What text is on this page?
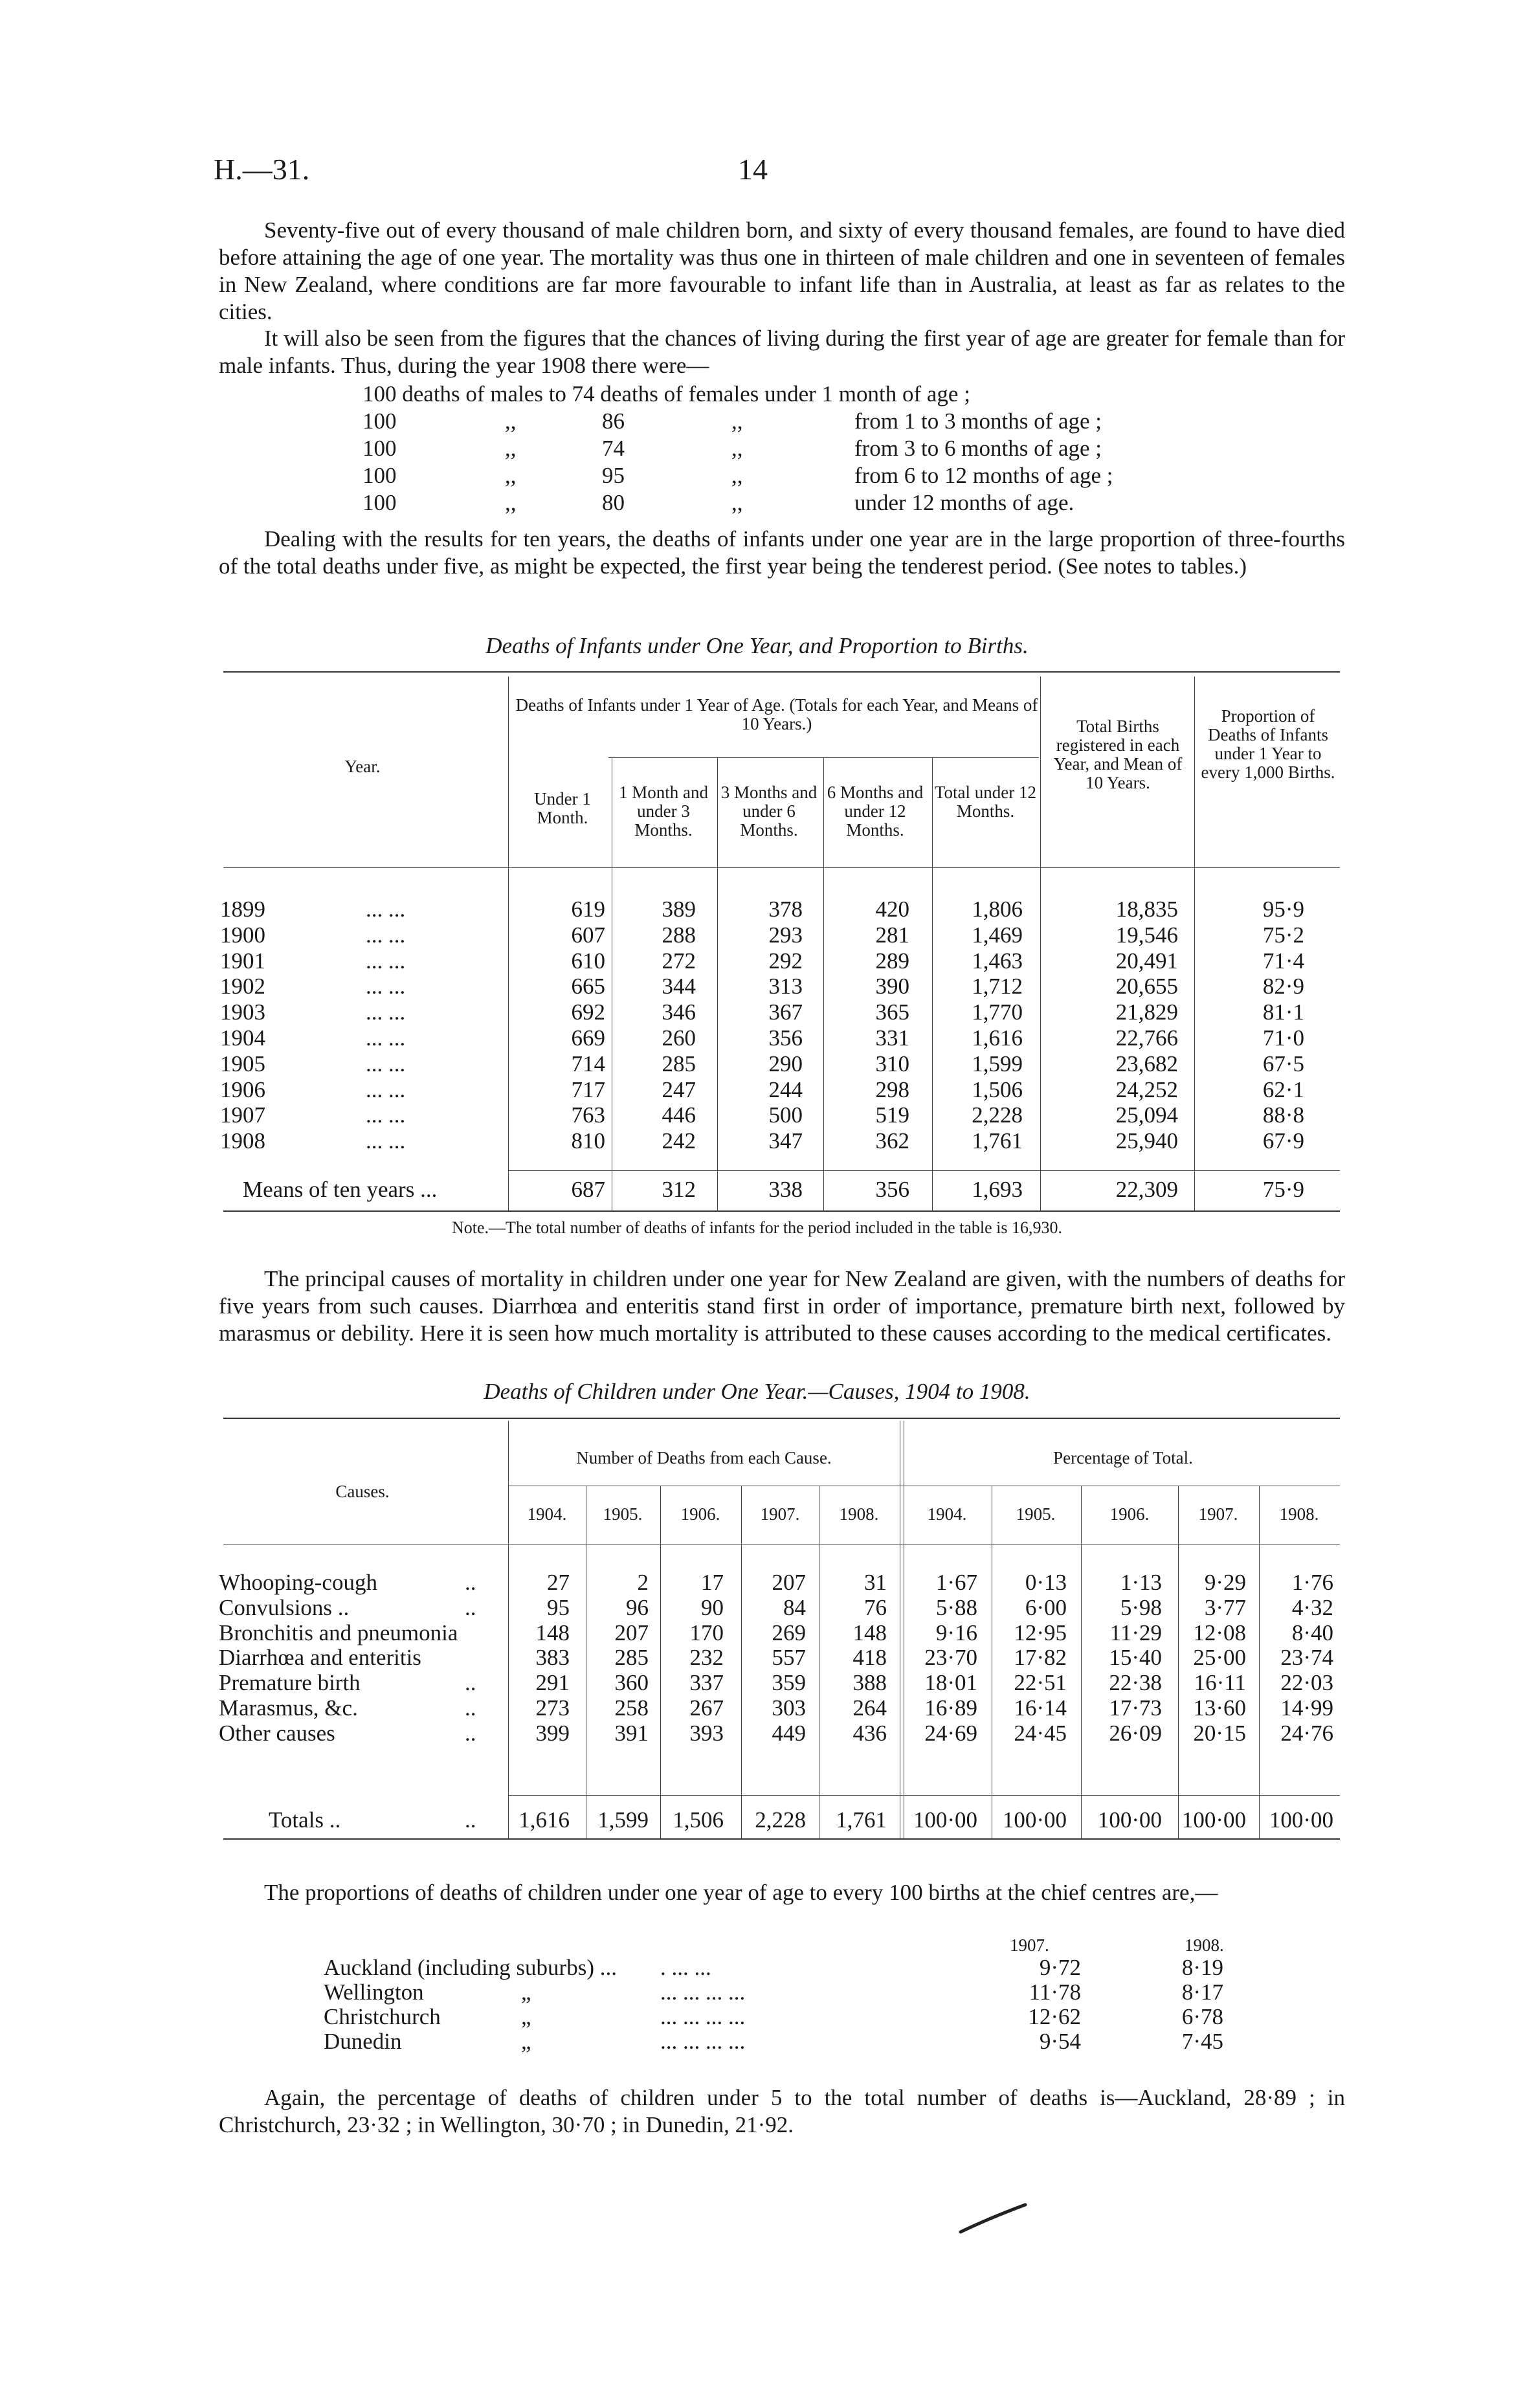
H.—31.	14

Seventy-five out of every thousand of male children born, and sixty of every thousand females, are found to have died before attaining the age of one year. The mortality was thus one in thirteen of male children and one in seventeen of females in New Zealand, where conditions are far more favourable to infant life than in Australia, at least as far as relates to the cities.

It will also be seen from the figures that the chances of living during the first year of age are greater for female than for male infants. Thus, during the year 1908 there were—

100 deaths of males to 74 deaths of females under 1 month of age ;
100	,,	86	,,	from 1 to 3 months of age ;
100	,,	74	,,	from 3 to 6 months of age ;
100	,,	95	,,	from 6 to 12 months of age ;
100	,,	80	,,	under 12 months of age.

Dealing with the results for ten years, the deaths of infants under one year are in the large proportion of three-fourths of the total deaths under five, as might be expected, the first year being the tenderest period. (See notes to tables.)

Deaths of Infants under One Year, and Proportion to Births.
Year.
Deaths of Infants under 1 Year of Age. (Totals for each Year, and Means of 10 Years.)
Under 1 Month.
1 Month and under 3 Months.
3 Months and under 6 Months.
6 Months and under 12 Months.
Total under 12 Months.
Total Births registered in each Year, and Mean of 10 Years.
Proportion of Deaths of Infants under 1 Year to every 1,000 Births.
1899	... ...	619	389	378	420	1,806	18,835	95·9
1900	... ...	607	288	293	281	1,469	19,546	75·2
1901	... ...	610	272	292	289	1,463	20,491	71·4
1902	... ...	665	344	313	390	1,712	20,655	82·9
1903	... ...	692	346	367	365	1,770	21,829	81·1
1904	... ...	669	260	356	331	1,616	22,766	71·0
1905	... ...	714	285	290	310	1,599	23,682	67·5
1906	... ...	717	247	244	298	1,506	24,252	62·1
1907	... ...	763	446	500	519	2,228	25,094	88·8
1908	... ...	810	242	347	362	1,761	25,940	67·9
Means of ten years ...	687	312	338	356	1,693	22,309	75·9
Note.—The total number of deaths of infants for the period included in the table is 16,930.

The principal causes of mortality in children under one year for New Zealand are given, with the numbers of deaths for five years from such causes. Diarrhœa and enteritis stand first in order of importance, premature birth next, followed by marasmus or debility. Here it is seen how much mortality is attributed to these causes according to the medical certificates.

Deaths of Children under One Year.—Causes, 1904 to 1908.
Causes.
Number of Deaths from each Cause.	Percentage of Total.
1904.	1904.
1905.	1905.
1906.	1906.
1907.	1907.
1908.	1908.
Whooping-cough	..	27	2	17	207	31	1·67	0·13	1·13	9·29	1·76
Convulsions ..	..	95	96	90	84	76	5·88	6·00	5·98	3·77	4·32
Bronchitis and pneumonia	148	207	170	269	148	9·16	12·95	11·29	12·08	8·40
Diarrhœa and enteritis	383	285	232	557	418	23·70	17·82	15·40	25·00	23·74
Premature birth	..	291	360	337	359	388	18·01	22·51	22·38	16·11	22·03
Marasmus, &c.	..	273	258	267	303	264	16·89	16·14	17·73	13·60	14·99
Other causes	..	399	391	393	449	436	24·69	24·45	26·09	20·15	24·76
Totals ..	..	1,616	1,599	1,506	2,228	1,761	100·00	100·00	100·00 100·00	100·00

The proportions of deaths of children under one year of age to every 100 births at the chief centres are,—

1907.	1908.
Auckland (including suburbs) ... . ... ...	9·72	8·19
Wellington	„	... ... ... ...	11·78	8·17
Christchurch	„	... ... ... ...	12·62	6·78
Dunedin	„	... ... ... ...	9·54	7·45

Again, the percentage of deaths of children under 5 to the total number of deaths is—Auckland, 28·89 ; in Christchurch, 23·32 ; in Wellington, 30·70 ; in Dunedin, 21·92.
